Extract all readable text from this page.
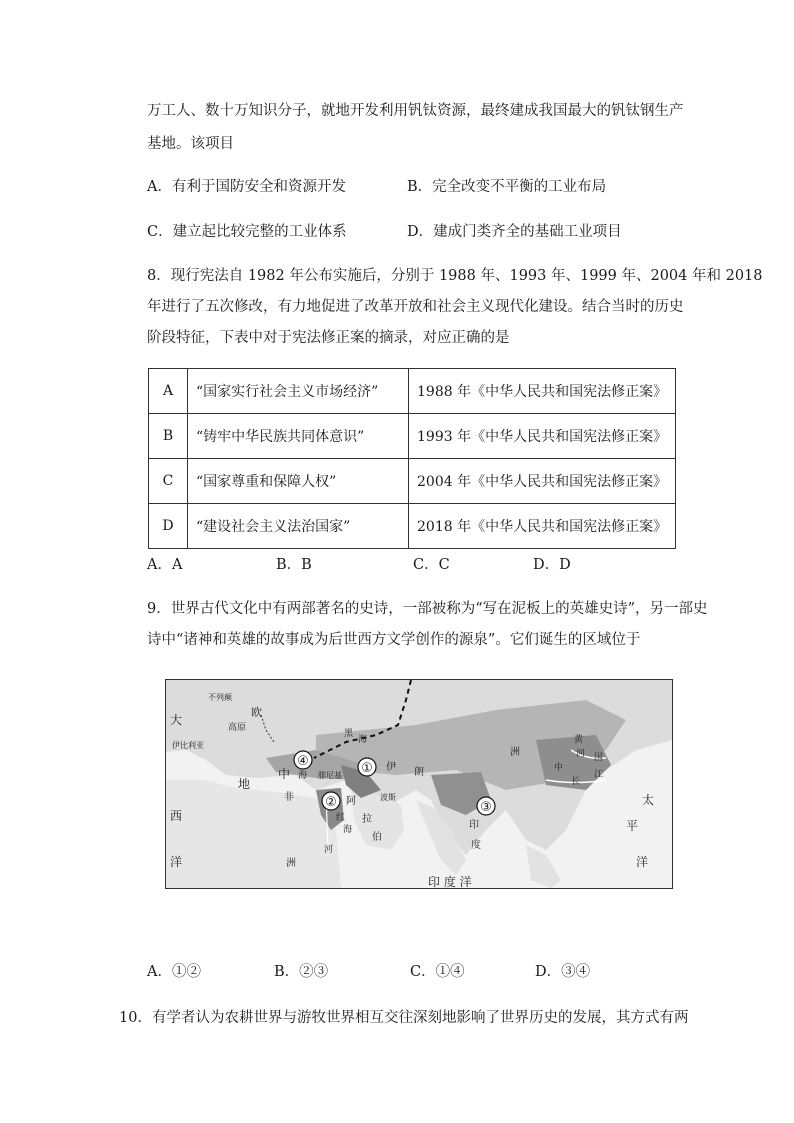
万工人、数十万知识分子，就地开发利用钒钛资源，最终建成我国最大的钒钛钢生产
基地。该项目
A．有利于国防安全和资源开发	B．完全改变不平衡的工业布局
C．建立起比较完整的工业体系	D．建成门类齐全的基础工业项目
8．现行宪法自 1982 年公布实施后，分别于 1988 年、1993 年、1999 年、2004 年和 2018
年进行了五次修改，有力地促进了改革开放和社会主义现代化建设。结合当时的历史
阶段特征，下表中对于宪法修正案的摘录，对应正确的是
A	“国家实行社会主义市场经济”	1988 年《中华人民共和国宪法修正案》
B	“铸牢中华民族共同体意识”	1993 年《中华人民共和国宪法修正案》
C	“国家尊重和保障人权”	2004 年《中华人民共和国宪法修正案》
D	“建设社会主义法治国家”	2018 年《中华人民共和国宪法修正案》
A．A	B．B	C．C	D．D
9．世界古代文化中有两部著名的史诗，一部被称为“写在泥板上的英雄史诗”，另一部史
诗中“诸神和英雄的故事成为后世西方文学创作的源泉”。它们诞生的区域位于
①
②	③
④
大
西
洋
不列颠
欧
高原
伊比利亚
地
中 海
非
洲
腓尼基
黑
海
伊 朗
波斯
阿
拉
伯
红
海
河
洲
印
度
印 度 洋
黄
河
中
长
江
国
太
平
洋
A．①②	B．②③	C．①④	D．③④
10．有学者认为农耕世界与游牧世界相互交往深刻地影响了世界历史的发展，其方式有两
